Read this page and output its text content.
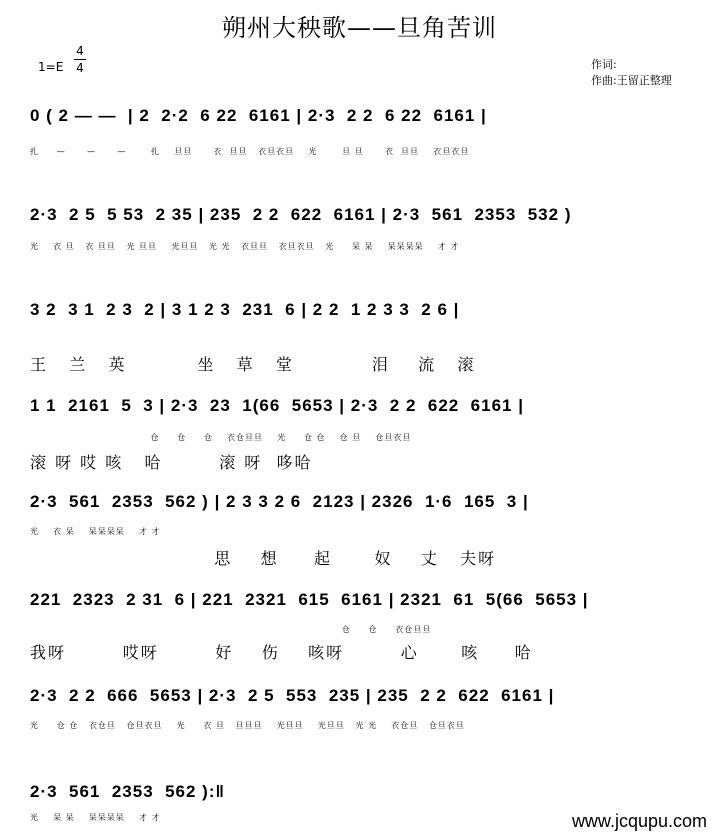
朔州大秧歌——旦角苦训
1=E
4
4	作词:
作曲:王留正整理
0 ( 2 — —  | 2  2·2  6 22  6161 | 2·3  2 2  6 22  6161 |
扎     —      —      —       扎    旦旦      衣  旦旦   衣旦衣旦    光       旦 旦      衣  旦旦    衣旦衣旦
2·3  2 5  5 53  2 35 | 235  2 2  622  6161 | 2·3  561  2353  532 )
光    衣 旦   衣 旦旦   光 旦旦    光旦旦   光 光   衣旦旦   衣旦衣旦   光     呆 呆    呆呆呆呆    才 才
3 2  3 1  2 3  2 | 3 1 2 3  231  6 | 2 2  1 2 3 3  2 6 |
王   兰   英          坐   草   堂           泪    流   滚
1 1  2161  5  3 | 2·3  23  1(66  5653 | 2·3  2 2  622  6161 |
仓     仓     仓    衣仓旦旦    光     仓 仓    仓 旦    仓旦衣旦
滚 呀 哎 咳   哈        滚 呀  哆哈
2·3  561  2353  562 ) | 2 3 3 2 6  2123 | 2326  1·6  165  3 |
光    衣 呆    呆呆呆呆    才 才
思    想     起      奴    丈   夫呀
221  2323  2 31  6 | 221  2321  615  6161 | 2321  61  5(66  5653 |
仓     仓     衣仓旦旦
我呀        哎呀        好    伤    咳呀        心      咳     哈
2·3  2 2  666  5653 | 2·3  2 5  553  235 | 235  2 2  622  6161 |
光     仓 仓   衣仓旦   仓旦衣旦    光     衣 旦   旦旦旦    光旦旦    光旦旦   光 光    衣仓旦   仓旦衣旦
2·3  561  2353  562 ):‖
光    呆 呆    呆呆呆呆    才 才	www.jcqupu.com
